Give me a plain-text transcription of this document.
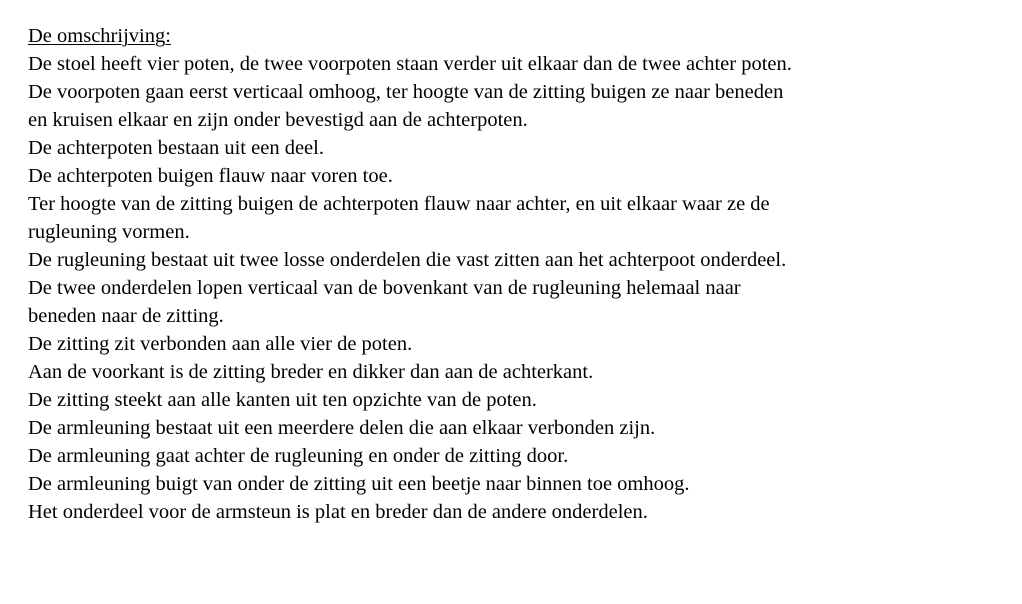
De omschrijving:
De stoel heeft vier poten, de twee voorpoten staan verder uit elkaar dan de twee achter poten.
De voorpoten gaan eerst verticaal omhoog, ter hoogte van de zitting buigen ze naar beneden
en kruisen elkaar en zijn onder bevestigd aan de achterpoten.
De achterpoten bestaan uit een deel.
De achterpoten buigen flauw naar voren toe.
Ter hoogte van de zitting buigen de achterpoten flauw naar achter, en uit elkaar waar ze de
rugleuning vormen.
De rugleuning bestaat uit twee losse onderdelen die vast zitten aan het achterpoot onderdeel.
De twee onderdelen lopen verticaal van de bovenkant van de rugleuning helemaal naar
beneden naar de zitting.
De zitting zit verbonden aan alle vier de poten.
Aan de voorkant is de zitting breder en dikker dan aan de achterkant.
De zitting steekt aan alle kanten uit ten opzichte van de poten.
De armleuning bestaat uit een meerdere delen die aan elkaar verbonden zijn.
De armleuning gaat achter de rugleuning en onder de zitting door.
De armleuning buigt van onder de zitting uit een beetje naar binnen toe omhoog.
Het onderdeel voor de armsteun is plat en breder dan de andere onderdelen.
